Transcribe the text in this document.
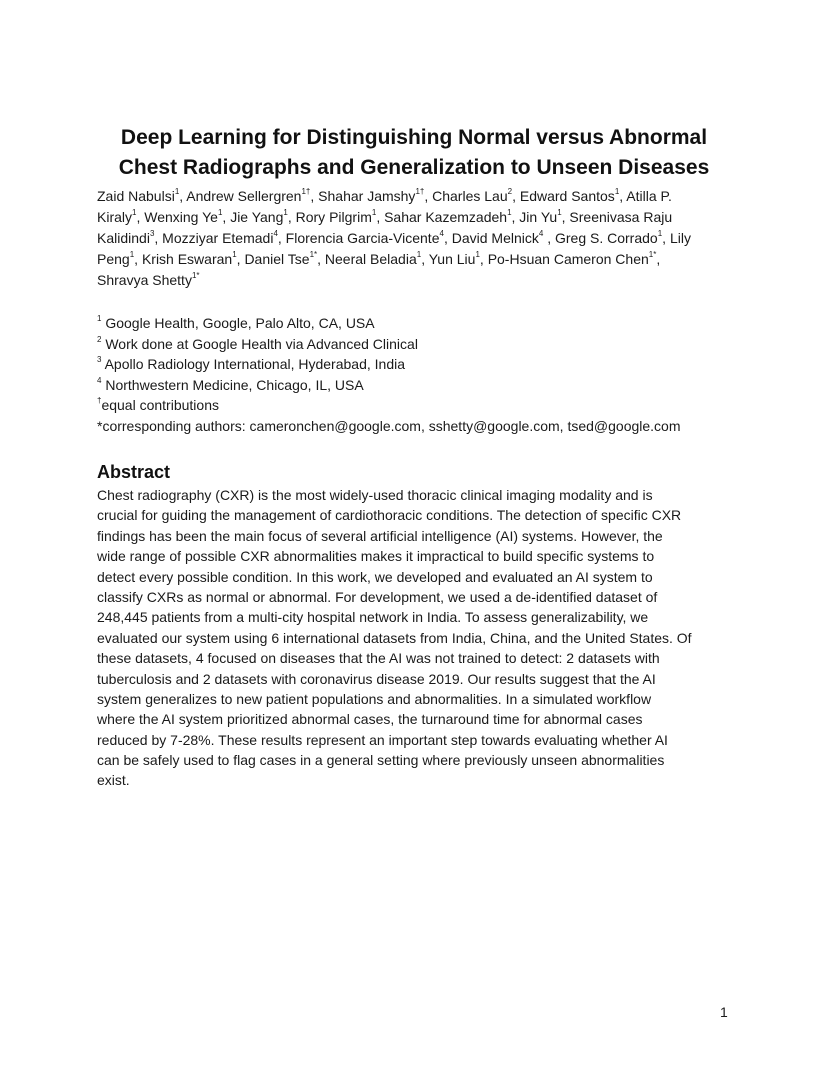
Deep Learning for Distinguishing Normal versus Abnormal
Chest Radiographs and Generalization to Unseen Diseases
Zaid Nabulsi$^1$, Andrew Sellergren$^{1\dagger}$, Shahar Jamshy$^{1\dagger}$, Charles Lau$^2$, Edward Santos$^1$, Atilla P.
Kiraly$^1$, Wenxing Ye$^1$, Jie Yang$^1$, Rory Pilgrim$^1$, Sahar Kazemzadeh$^1$, Jin Yu$^1$, Sreenivasa Raju
Kalidindi$^3$, Mozziyar Etemadi$^4$, Florencia Garcia-Vicente$^4$, David Melnick$^4$ , Greg S. Corrado$^1$, Lily
Peng$^1$, Krish Eswaran$^1$, Daniel Tse$^{1*}$, Neeral Beladia$^1$, Yun Liu$^1$, Po-Hsuan Cameron Chen$^{1*}$,
Shravya Shetty$^{1*}$
$^1$ Google Health, Google, Palo Alto, CA, USA
$^2$ Work done at Google Health via Advanced Clinical
$^3$ Apollo Radiology International, Hyderabad, India
$^4$ Northwestern Medicine, Chicago, IL, USA
†equal contributions
*corresponding authors: cameronchen@google.com, sshetty@google.com, tsed@google.com
Abstract
Chest radiography (CXR) is the most widely-used thoracic clinical imaging modality and is
crucial for guiding the management of cardiothoracic conditions. The detection of specific CXR
findings has been the main focus of several artificial intelligence (AI) systems. However, the
wide range of possible CXR abnormalities makes it impractical to build specific systems to
detect every possible condition. In this work, we developed and evaluated an AI system to
classify CXRs as normal or abnormal. For development, we used a de-identified dataset of
248,445 patients from a multi-city hospital network in India. To assess generalizability, we
evaluated our system using 6 international datasets from India, China, and the United States. Of
these datasets, 4 focused on diseases that the AI was not trained to detect: 2 datasets with
tuberculosis and 2 datasets with coronavirus disease 2019. Our results suggest that the AI
system generalizes to new patient populations and abnormalities. In a simulated workflow
where the AI system prioritized abnormal cases, the turnaround time for abnormal cases
reduced by 7-28%. These results represent an important step towards evaluating whether AI
can be safely used to flag cases in a general setting where previously unseen abnormalities
exist.
1
